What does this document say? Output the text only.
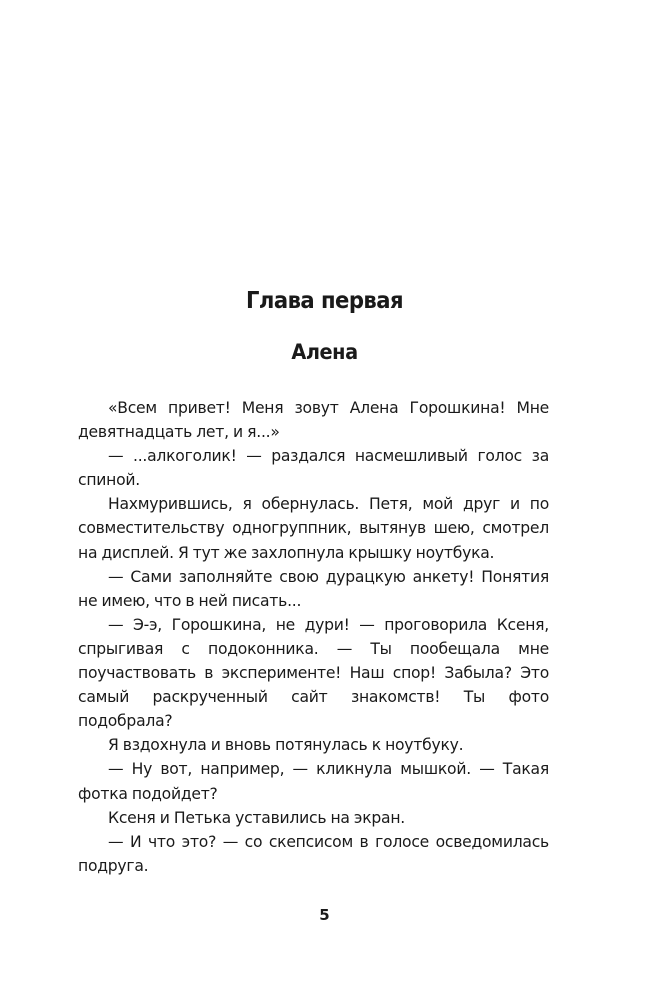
Глава первая
Алена

«Всем привет! Меня зовут Алена Горошкина! Мне девятнадцать лет, и я...»

— ...алкоголик! — раздался насмешливый голос за спиной.

Нахмурившись, я обернулась. Петя, мой друг и по совместительству одногруппник, вытянув шею, смотрел на дисплей. Я тут же захлопнула крышку ноутбука.

— Сами заполняйте свою дурацкую анкету! Понятия не имею, что в ней писать...

— Э-э, Горошкина, не дури! — проговорила Ксеня, спрыгивая с подоконника. — Ты пообещала мне поучаствовать в эксперименте! Наш спор! Забыла? Это самый раскрученный сайт знакомств! Ты фото подобрала?

Я вздохнула и вновь потянулась к ноутбуку.

— Ну вот, например, — кликнула мышкой. — Такая фотка подойдет?

Ксеня и Петька уставились на экран.

— И что это? — со скепсисом в голосе осведомилась подруга.

5
